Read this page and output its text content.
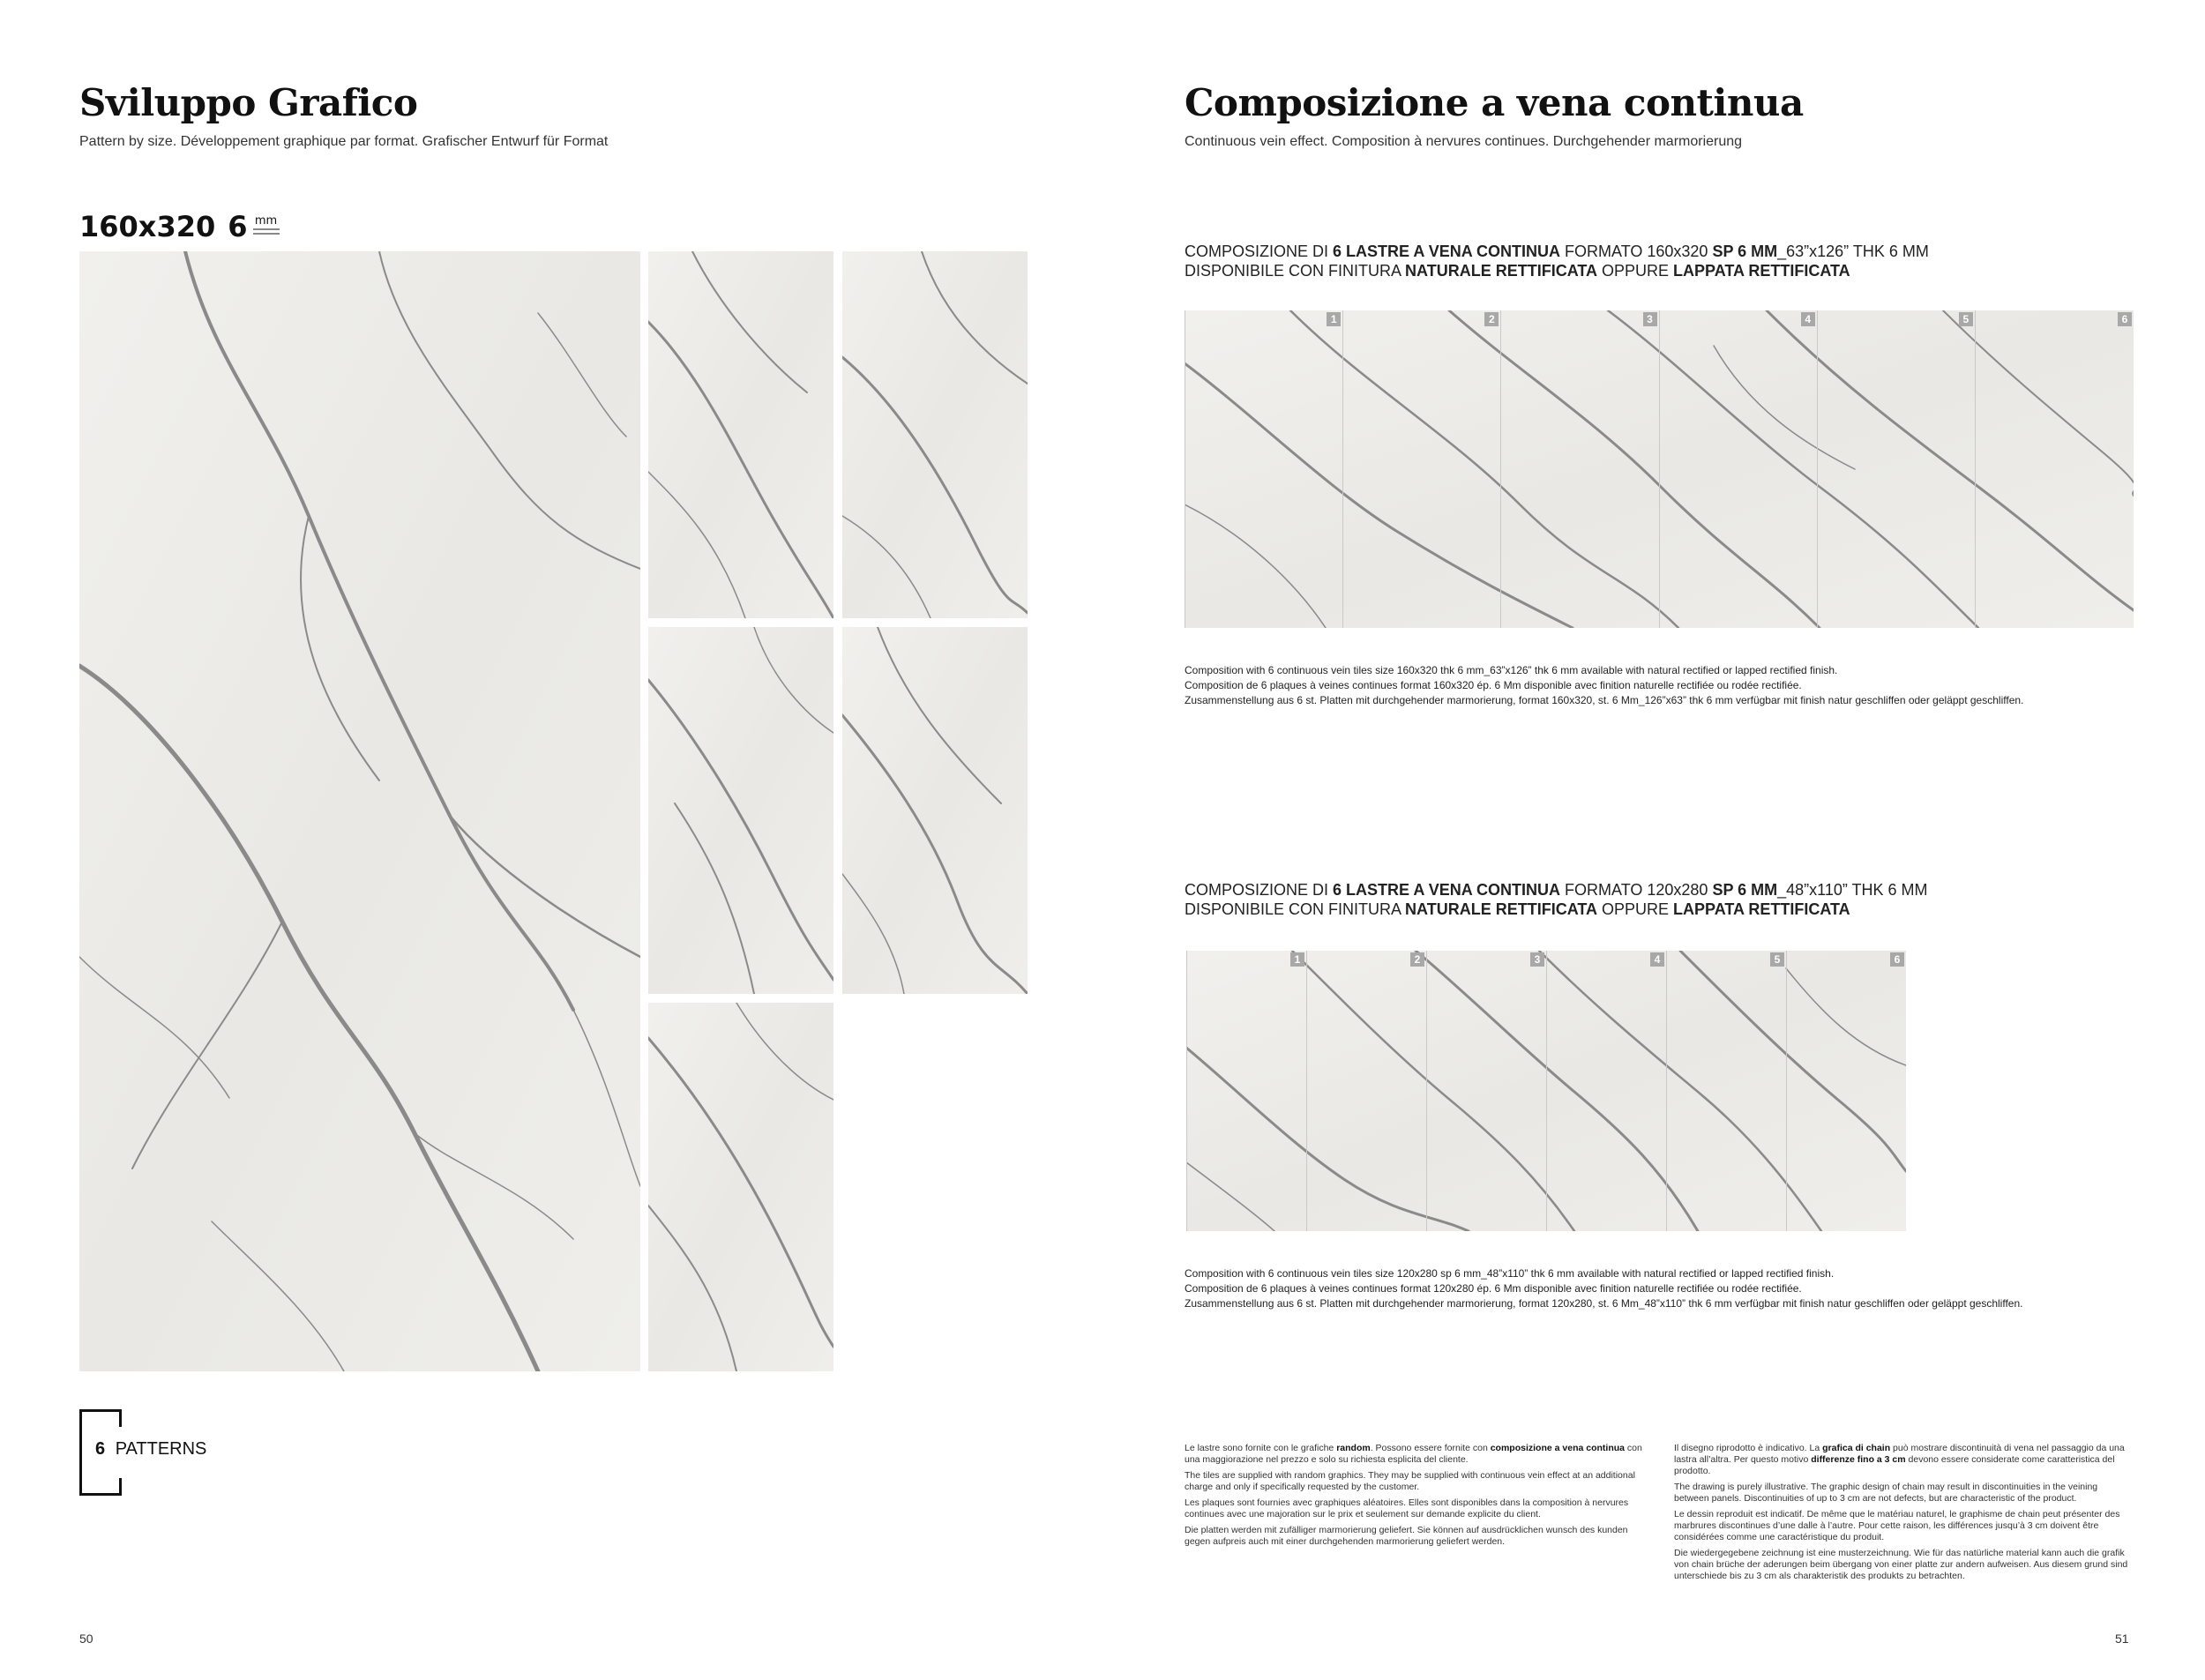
Sviluppo Grafico
Pattern by size. Développement graphique par format. Grafischer Entwurf für Format
160x320 6 mm
6 PATTERNS
50
Composizione a vena continua
Continuous vein effect. Composition à nervures continues. Durchgehender marmorierung
COMPOSIZIONE DI 6 LASTRE A VENA CONTINUA FORMATO 160x320 SP 6 MM_63”x126” THK 6 MM
DISPONIBILE CON FINITURA NATURALE RETTIFICATA OPPURE LAPPATA RETTIFICATA
1	2	3	4	5	6
Composition with 6 continuous vein tiles size 160x320 thk 6 mm_63”x126” thk 6 mm available with natural rectified or lapped rectified finish.
Composition de 6 plaques à veines continues format 160x320 ép. 6 Mm disponible avec finition naturelle rectifiée ou rodée rectifiée.
Zusammenstellung aus 6 st. Platten mit durchgehender marmorierung, format 160x320, st. 6 Mm_126”x63” thk 6 mm verfügbar mit finish natur geschliffen oder geläppt geschliffen.
COMPOSIZIONE DI 6 LASTRE A VENA CONTINUA FORMATO 120x280 SP 6 MM_48”x110” THK 6 MM
DISPONIBILE CON FINITURA NATURALE RETTIFICATA OPPURE LAPPATA RETTIFICATA
1	2	3	4	5	6
Composition with 6 continuous vein tiles size 120x280 sp 6 mm_48”x110” thk 6 mm available with natural rectified or lapped rectified finish.
Composition de 6 plaques à veines continues format 120x280 ép. 6 Mm disponible avec finition naturelle rectifiée ou rodée rectifiée.
Zusammenstellung aus 6 st. Platten mit durchgehender marmorierung, format 120x280, st. 6 Mm_48”x110” thk 6 mm verfügbar mit finish natur geschliffen oder geläppt geschliffen.

Le lastre sono fornite con le grafiche random. Possono essere fornite con composizione a vena continua con una maggiorazione nel prezzo e solo su richiesta esplicita del cliente.

The tiles are supplied with random graphics. They may be supplied with continuous vein effect at an additional charge and only if specifically requested by the customer.

Les plaques sont fournies avec graphiques aléatoires. Elles sont disponibles dans la composition à nervures continues avec une majoration sur le prix et seulement sur demande explicite du client.

Die platten werden mit zufälliger marmorierung geliefert. Sie können auf ausdrücklichen wunsch des kunden gegen aufpreis auch mit einer durchgehenden marmorierung geliefert werden.

Il disegno riprodotto è indicativo. La grafica di chain può mostrare discontinuità di vena nel passaggio da una lastra all’altra. Per questo motivo differenze fino a 3 cm devono essere considerate come caratteristica del prodotto.

The drawing is purely illustrative. The graphic design of chain may result in discontinuities in the veining between panels. Discontinuities of up to 3 cm are not defects, but are characteristic of the product.

Le dessin reproduit est indicatif. De même que le matériau naturel, le graphisme de chain peut présenter des marbrures discontinues d’une dalle à l’autre. Pour cette raison, les différences jusqu’à 3 cm doivent être considérées comme une caractéristique du produit.

Die wiedergegebene zeichnung ist eine musterzeichnung. Wie für das natürliche material kann auch die grafik von chain brüche der aderungen beim übergang von einer platte zur andern aufweisen. Aus diesem grund sind unterschiede bis zu 3 cm als charakteristik des produkts zu betrachten.

51
